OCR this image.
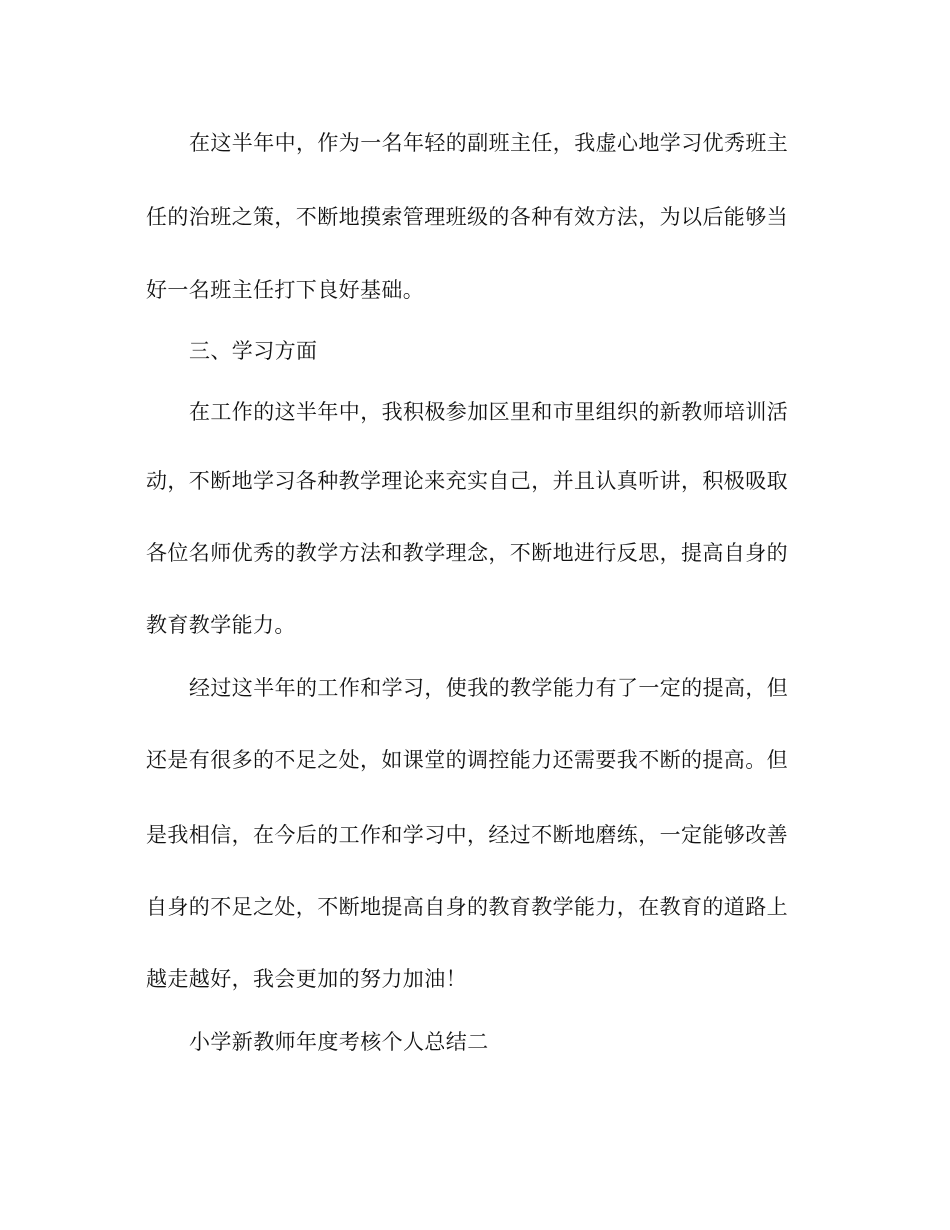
在这半年中，作为一名年轻的副班主任，我虚心地学习优秀班主
任的治班之策，不断地摸索管理班级的各种有效方法，为以后能够当
好一名班主任打下良好基础。
三、学习方面
在工作的这半年中，我积极参加区里和市里组织的新教师培训活
动，不断地学习各种教学理论来充实自己，并且认真听讲，积极吸取
各位名师优秀的教学方法和教学理念，不断地进行反思，提高自身的
教育教学能力。
经过这半年的工作和学习，使我的教学能力有了一定的提高，但
还是有很多的不足之处，如课堂的调控能力还需要我不断的提高。但
是我相信，在今后的工作和学习中，经过不断地磨练，一定能够改善
自身的不足之处，不断地提高自身的教育教学能力，在教育的道路上
越走越好，我会更加的努力加油！
小学新教师年度考核个人总结二
